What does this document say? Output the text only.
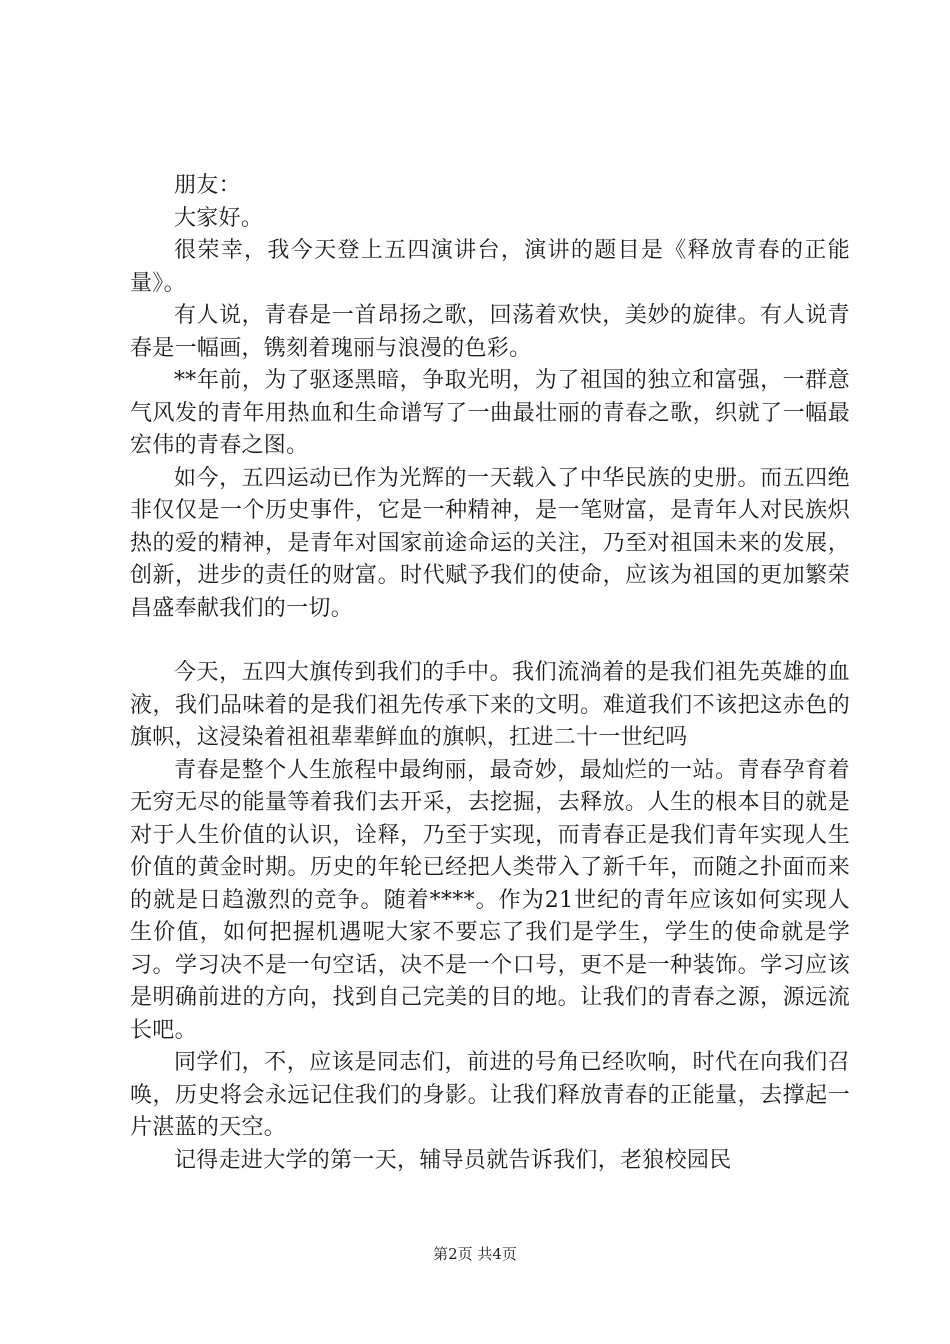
朋友：

大家好。

很荣幸，我今天登上五四演讲台，演讲的题目是《释放青春的正能量》。

有人说，青春是一首昂扬之歌，回荡着欢快，美妙的旋律。有人说青春是一幅画，镌刻着瑰丽与浪漫的色彩。

**年前，为了驱逐黑暗，争取光明，为了祖国的独立和富强，一群意气风发的青年用热血和生命谱写了一曲最壮丽的青春之歌，织就了一幅最宏伟的青春之图。

如今，五四运动已作为光辉的一天载入了中华民族的史册。而五四绝非仅仅是一个历史事件，它是一种精神，是一笔财富，是青年人对民族炽热的爱的精神，是青年对国家前途命运的关注，乃至对祖国未来的发展，创新，进步的责任的财富。时代赋予我们的使命，应该为祖国的更加繁荣昌盛奉献我们的一切。

今天，五四大旗传到我们的手中。我们流淌着的是我们祖先英雄的血液，我们品味着的是我们祖先传承下来的文明。难道我们不该把这赤色的旗帜，这浸染着祖祖辈辈鲜血的旗帜，扛进二十一世纪吗

青春是整个人生旅程中最绚丽，最奇妙，最灿烂的一站。青春孕育着无穷无尽的能量等着我们去开采，去挖掘，去释放。人生的根本目的就是对于人生价值的认识，诠释，乃至于实现，而青春正是我们青年实现人生价值的黄金时期。历史的年轮已经把人类带入了新千年，而随之扑面而来的就是日趋激烈的竞争。随着****。作为21世纪的青年应该如何实现人生价值，如何把握机遇呢大家不要忘了我们是学生，学生的使命就是学习。学习决不是一句空话，决不是一个口号，更不是一种装饰。学习应该是明确前进的方向，找到自己完美的目的地。让我们的青春之源，源远流长吧。

同学们，不，应该是同志们，前进的号角已经吹响，时代在向我们召唤，历史将会永远记住我们的身影。让我们释放青春的正能量，去撑起一片湛蓝的天空。

记得走进大学的第一天，辅导员就告诉我们，老狼校园民

第2页 共4页
